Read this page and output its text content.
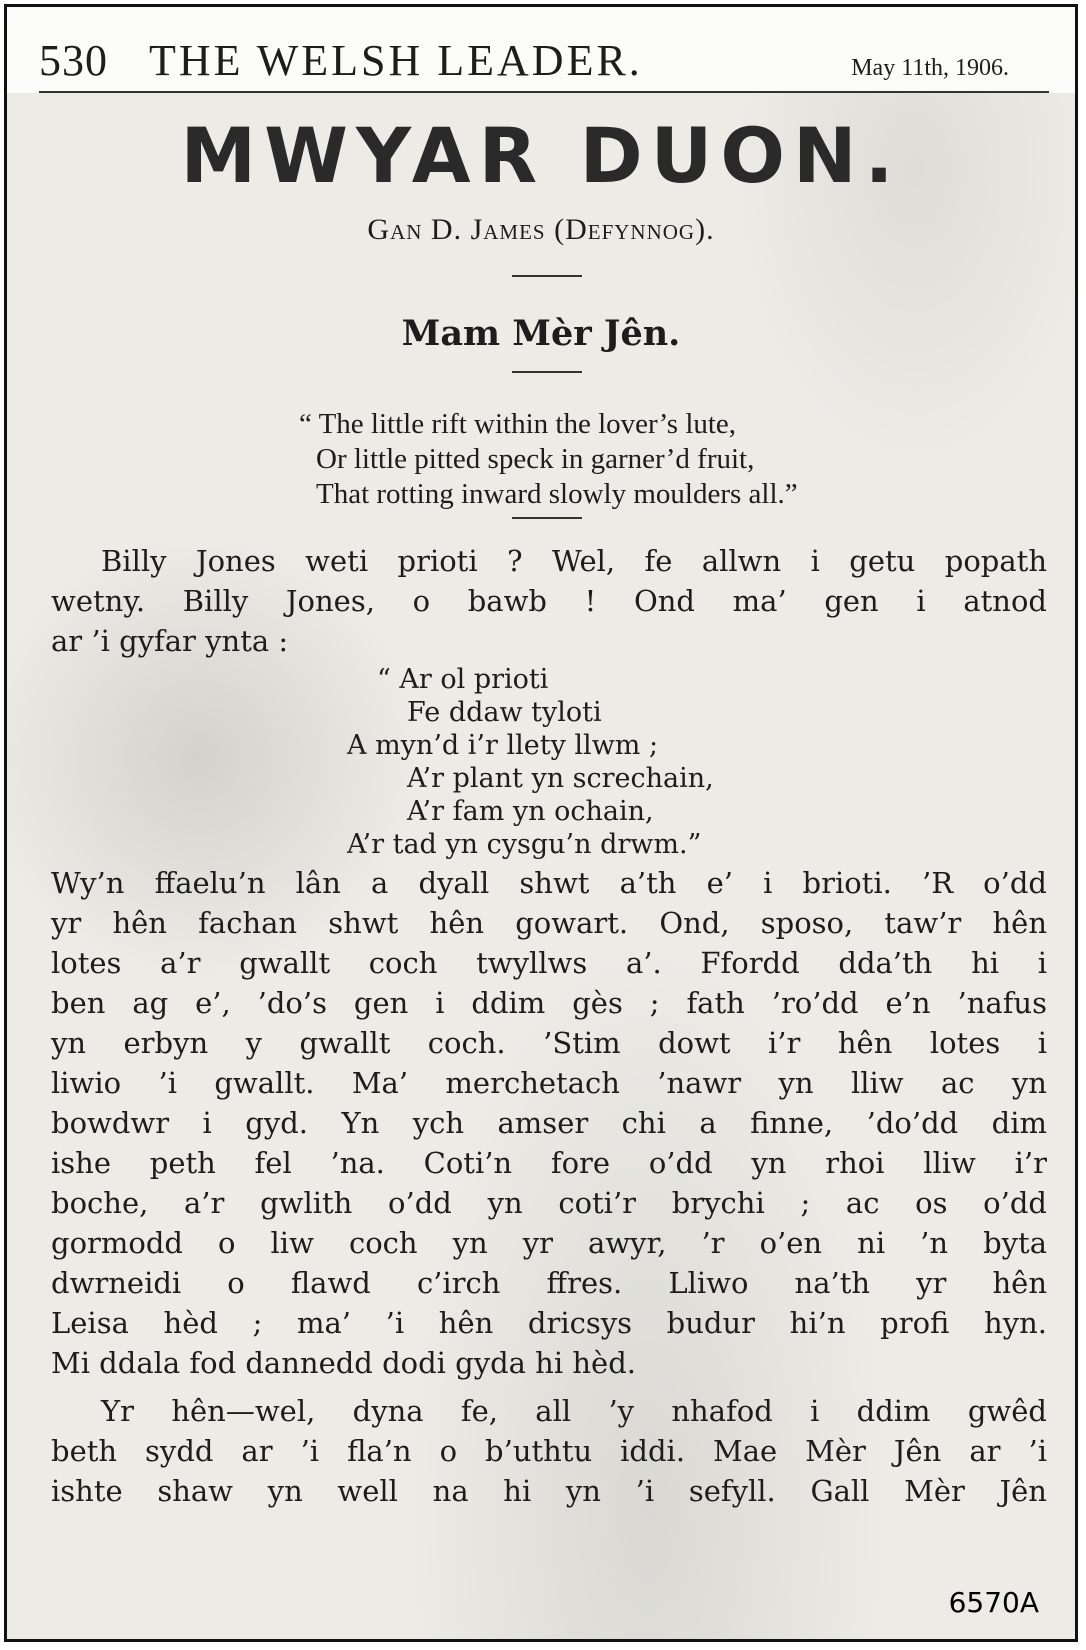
530 THE WELSH LEADER.	May 11th, 1906.
MWYAR DUON.
Gan D. James (Defynnog).
Mam Mèr Jên.
“ The little rift within the lover’s lute,
Or little pitted speck in garner’d fruit,
That rotting inward slowly moulders all.”
Billy Jones weti prioti ? Wel, fe allwn i getu popath
wetny. Billy Jones, o bawb ! Ond ma’ gen i atnod
ar ’i gyfar ynta :
“ Ar ol prioti
Fe ddaw tyloti
A myn’d i’r llety llwm ;
A’r plant yn screchain,
A’r fam yn ochain,
A’r tad yn cysgu’n drwm.”
Wy’n ffaelu’n lân a dyall shwt a’th e’ i brioti. ’R o’dd
yr hên fachan shwt hên gowart. Ond, sposo, taw’r hên
lotes a’r gwallt coch twyllws a’. Ffordd dda’th hi i
ben ag e’, ’do’s gen i ddim gès ; fath ’ro’dd e’n ’nafus
yn erbyn y gwallt coch. ’Stim dowt i’r hên lotes i
liwio ’i gwallt. Ma’ merchetach ’nawr yn lliw ac yn
bowdwr i gyd. Yn ych amser chi a finne, ’do’dd dim
ishe peth fel ’na. Coti’n fore o’dd yn rhoi lliw i’r
boche, a’r gwlith o’dd yn coti’r brychi ; ac os o’dd
gormodd o liw coch yn yr awyr, ’r o’en ni ’n byta
dwrneidi o flawd c’irch ffres. Lliwo na’th yr hên
Leisa hèd ; ma’ ’i hên dricsys budur hi’n profi hyn.
Mi ddala fod dannedd dodi gyda hi hèd.
Yr hên—wel, dyna fe, all ’y nhafod i ddim gwêd
beth sydd ar ’i fla’n o b’uthtu iddi. Mae Mèr Jên ar ’i
ishte shaw yn well na hi yn ’i sefyll. Gall Mèr Jên
6570A
